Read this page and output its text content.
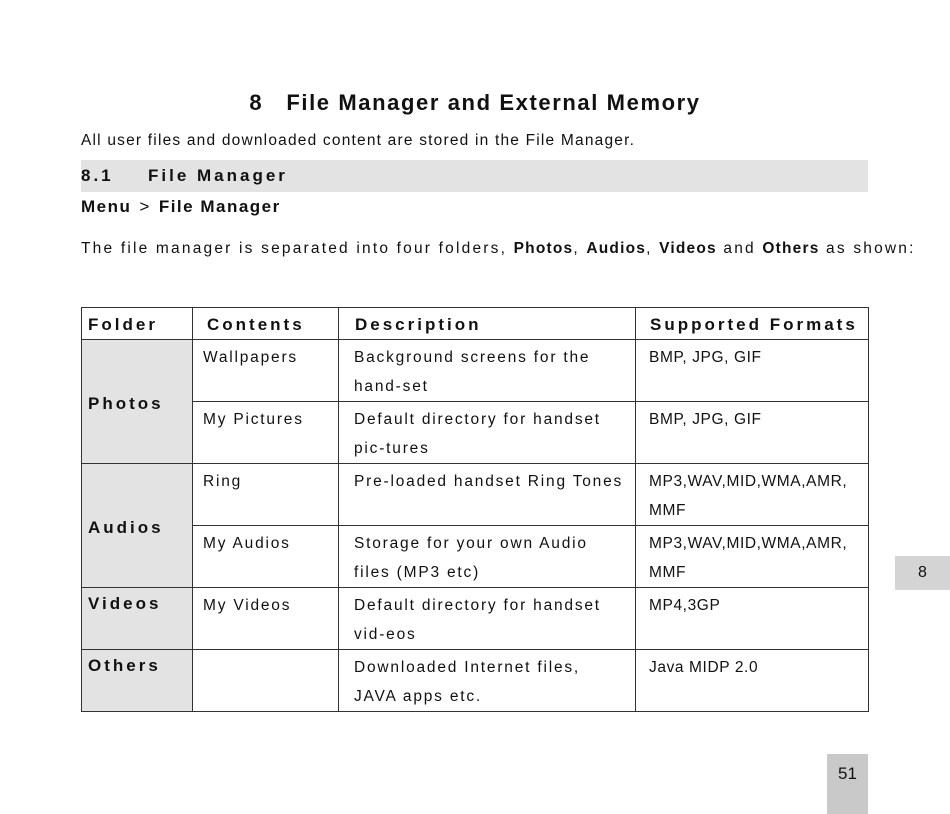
8 File Manager and External Memory
All user files and downloaded content are stored in the File Manager.
8.1 File Manager
Menu > File Manager
The file manager is separated into four folders, Photos, Audios, Videos and Others as shown:
Folder	Contents	Description	Supported Formats
Photos	Wallpapers	Background screens for the hand-set	BMP, JPG, GIF
	My Pictures	Default directory for handset pic-tures	BMP, JPG, GIF
Audios	Ring	Pre-loaded handset Ring Tones	MP3,WAV,MID,WMA,AMR, MMF
	My Audios	Storage for your own Audio files (MP3 etc)	MP3,WAV,MID,WMA,AMR, MMF
Videos	My Videos	Default directory for handset vid-eos	MP4,3GP
Others		Downloaded Internet files, JAVA apps etc.	Java MIDP 2.0
8
51
